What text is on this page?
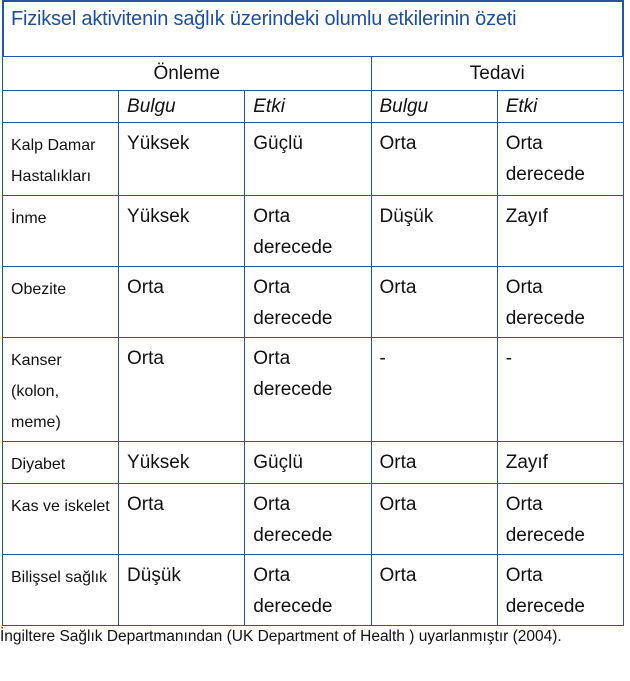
Fiziksel aktivitenin sağlık üzerindeki olumlu etkilerinin özeti
Önleme			Tedavi	
	Bulgu	Etki	Bulgu	Etki
Kalp Damar Hastalıkları	Yüksek	Güçlü	Orta	Orta derecede
İnme	Yüksek	Orta derecede	Düşük	Zayıf
Obezite	Orta	Orta derecede	Orta	Orta derecede
Kanser (kolon, meme)	Orta	Orta derecede	-	-
Diyabet	Yüksek	Güçlü	Orta	Zayıf
Kas ve iskelet	Orta	Orta derecede	Orta	Orta derecede
Bilişsel sağlık	Düşük	Orta derecede	Orta	Orta derecede
İngiltere Sağlık Departmanından (UK Department of Health ) uyarlanmıştır (2004).
